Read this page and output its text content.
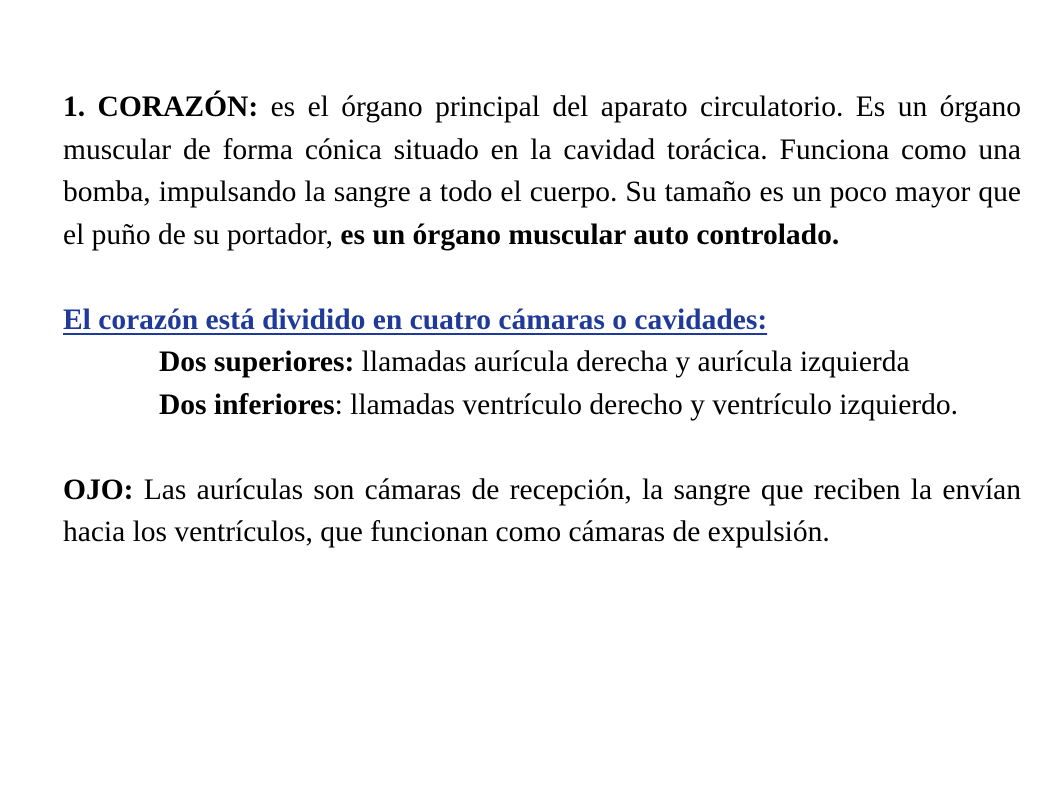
1. CORAZÓN: es el órgano principal del aparato circulatorio. Es un órgano muscular de forma cónica situado en la cavidad torácica. Funciona como una bomba, impulsando la sangre a todo el cuerpo. Su tamaño es un poco mayor que el puño de su portador, es un órgano muscular auto controlado.

El corazón está dividido en cuatro cámaras o cavidades:

Dos superiores: llamadas aurícula derecha y aurícula izquierda

Dos inferiores: llamadas ventrículo derecho y ventrículo izquierdo.

OJO: Las aurículas son cámaras de recepción, la sangre que reciben la envían hacia los ventrículos, que funcionan como cámaras de expulsión.
